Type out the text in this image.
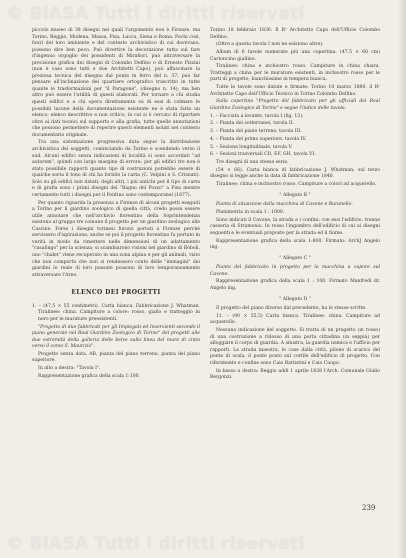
© BiASA Tutti i diritti riservati

piccolo museo di 38 disegni nei quali l'argomento non è Firenze, ma Torino, Reggio, Modena, Massa, Pisa, Lucca, Siena e Roma. Pochi così, fuori del loro ambiente e del contesto archivistico di cui dovevano, possono dire ben poco. Può divertire la decorazione tutta sul fare d'ingenuo orgoglio dei possidenti di Mirafiori, può attraversare la precisione grafica dei disegni di Colombo Delfino o di Ernesto Pizzini (non è caso sono tutti e due Architetti Capo), può affascinare la preziosa tecnica del disegno dal ponte in ferro del n. 37; può far pensare all'inclinazione dei quartiere ortografico trascritto in tutte quante le trasformazioni per "il Paragone", (disegno n. 14); ma ben altro può essere l'utilità di questi elaborati. Per tornare a chi studia questi edifici e a chi opera direttamente su di essi di colmare le possibili lacune della documentazione esistente ne è stata fatta un elenco; elenco descrittivo e non critico, in cui si è cercato di riportare oltre ai dati tecnici sul supporto e alla grafia, tutte quelle annotazioni che possono permettere di reperire questi elementi isolati nel contesto documentario originale.

Tra una sistemazione progressiva data segue la distribuzione archivistica dei soggetti, cominciando da Torino e scendendo verso il sud. Alcuni edifici senza indicazioni di località si sono accordati "ad autorem", quindi con largo margine di errore; per gli edifici tre non è stato possibile rapporti quanto tipo di costruzioni potrebbe essere di qualche sorta il tono di chi ha fornito la carta (C. Velpini e S. Crisnati). Solo su gli edifici non datati; degli altri, i più antichi per il tipo di carta e di grafia sono i primi disegni del "Bagno del Pozzo" a Pisa mentre certamente tutti i disegni per il Pontino sono contemporanei (1877).

Per quanto riguarda la presenza a Firenze di alcuni progetti eseguiti a Torino per il giardino zoologico di quella città, credo possa essere utile annotare che nell'archivio fiorentino della Soprintendenza esistono al gruppo tre comune il progetto per un giardino zoologico alle Cascine. Forse i disegni torinesi furono portati a Firenze perché servissero d'ispirazione, anche se poi il progetto fiorentino fu portato in verità in modo da rimettere nelle dimensioni di un adattamento "casalingo" per la scienza; si scambiarono visioni nel giardino di Boboli, uno "chalet" viene recuperato in una zona alpina e per gli animali, visto che non comporta che non si rendessero conto delle "immagini" dei giardini lo reale di loro passate possono di loro temporaneamente attraversare l'Arno.

ELENCO DEI PROGETTI

1. – (47,5 × 55 centimetri). Carta bianca. Fabbricazione J. Whatman. Tiralinee: china. Campiture a colore: rosso, giallo e tratteggio in nero per le murature preesistenti.

"Progetto di due fabbricati per gli Impiegati ed Inservienti secondo il piano generale nel Real Giardino Zoologico di Torino" dei progetti alle due estremità della galleria delle belve sulla linea del muro di cinta verso il corso S. Maurizio".

Progetto senza data, AB, pianta del piano terreno, pianta del piano superiore.

In alto a destra: "Tavola I".

Rappresentazione grafica della scala 1:100.

Torino 18 febbraio 1830. Il Rᵒ Architetto Capo dell'Ufficio Colombo Delfino.

(Oltre a questa tavola I non ne esistono altre).

Album di 6 tavole numerate più una copertina. (47,5 × 60 cm) Cartoncino giallino.

Tiralinee: china e inchiostro rosso. Campiture in china chiara. Tratteggi a china per le murature esistenti, in inchiostro rosso per le parti di progetto, bianchissime in tempera bianca.

Tutte le tavole sono datate e firmate: Torino 10 marzo 1880, il Rᵒ Architetto Capo dell'Ufficio Tecnico in Torino Colombo Delfino.

Sulla copertina "Progetto del fabbricato per gli ufficiali del Real Giardino Zoologico di Torino" e segue l'indice delle tavole.

1. – Facciata a levante, tavola I (fig. 13).

2. – Pianta dei sotterranei, tavola II.

3. – Pianta del piano terreno, tavola III.

4. – Pianta del primo superiore, tavola IV.

5. – Sezione longitudinale, tavola V.

6. – Sezioni trasversali CD, EF, GH, tavola VI.

Tre disegni di una stessa serie.

(54 × 66). Carta bianca di fabbricazione J. Whatman; sul terzo disegno si legge anche la data di fabbricazione 1840.

Tiralinee: china e inchiostro rosso. Campiture a colori ad acquerello.

" Allegato B "

Pianta di situazione della macchina di Cavone e Buranello.

Planimetria in scala 1 : 1000.

Sono indicati il Cavone, la strada e i confini; con essi l'edificio, tranne casseria di Stramonio. In rosso l'ingombro dell'edificio di cui ai disegni seguenti e le eventuali proposte per la strada ed il fiume.

Rappresentazione grafica della scala 1:800. Firmato: ArchJ Angelo ing.

" Allegato C "

Pianta del fabbricato in progetto per la macchina a vapore sul Cavone.

Rappresentazione grafica della scala 1 : 100. Firmato Manfredi dr. Angelo ing.

" Allegato D "

Il progetto del piano diverso dal precedente, ha le stesse scritte.

11. – (90 × 55,5) Carta bianca. Tiralinee: china. Campiture ad acquerello.

Nessuna indicazione del soggetto. Si tratta di un progetto (in rosso) di una costruzione a ridosso di una porta cittadina (in seppia) per alloggiare il corpo di guardia. A sinistra, la guardia nemica e l'ufficio per rapporti. La strada maestra, le case dalla città, pilone di scarico del ponte di scala, il ponte posto sul cortile dell'edificio di progetto. Con riferimento e confine sono Caio Battistini e Caio Cuopo.

In basso a destra: Reggio addì 1 aprile 1838 l'Arch. Comunale Giulio Bergonzi.

239
© BiASA Tutti i diritti riservati
